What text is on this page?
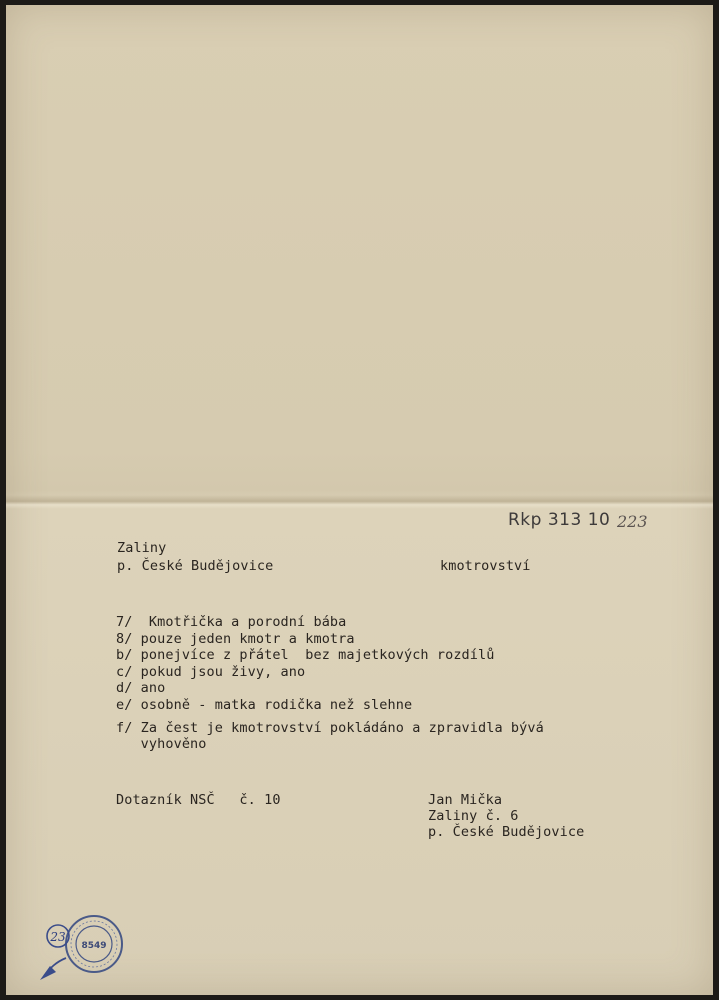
Rkp 313 10 223

Zaliny

p. České Budějovice	kmotrovství

7/  Kmotřička a porodní bába

8/ pouze jeden kmotr a kmotra

b/ ponejvíce z přátel  bez majetkových rozdílů

c/ pokud jsou živy, ano

d/ ano

e/ osobně - matka rodička než slehne

f/ Za čest je kmotrovství pokládáno a zpravidla bývá

vyhověno

Dotazník NSČ   č. 10	Jan Mička

Zaliny č. 6

p. České Budějovice

8549
23
